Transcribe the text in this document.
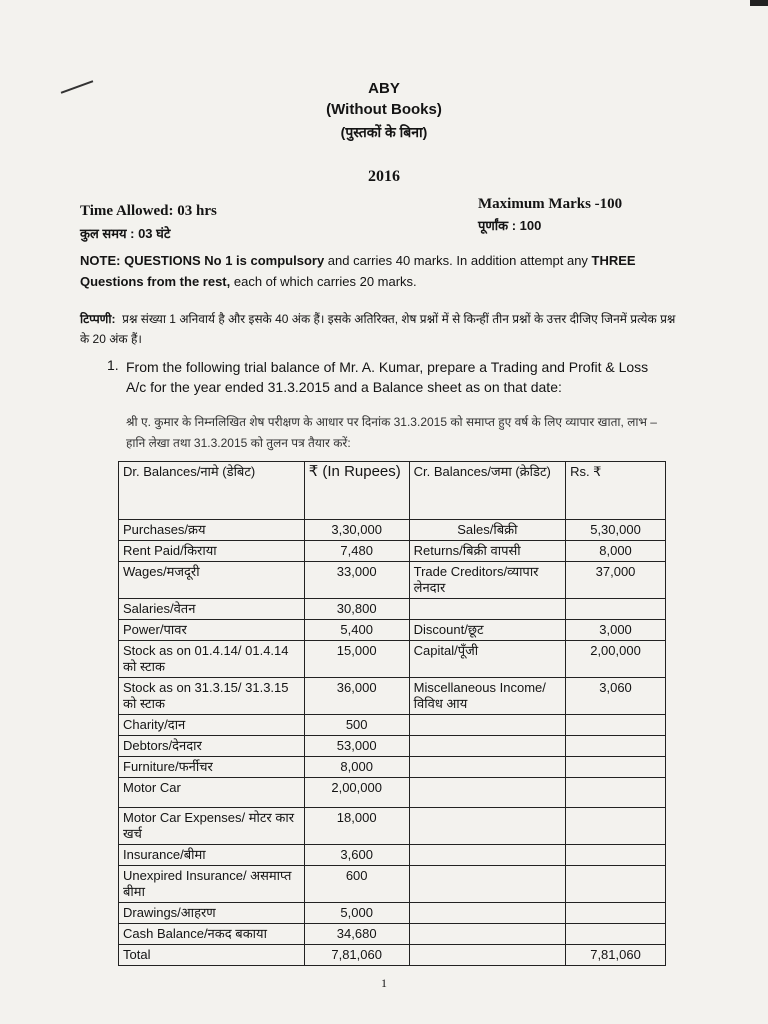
ABY
(Without Books)
(पुस्तकों के बिना)
2016
Time Allowed: 03 hrs
कुल समय : 03 घंटे
Maximum Marks -100
पूर्णांक : 100
NOTE: QUESTIONS No 1 is compulsory and carries 40 marks. In addition attempt any THREE Questions from the rest, each of which carries 20 marks.
टिप्पणी: प्रश्न संख्या 1 अनिवार्य है और इसके 40 अंक हैं। इसके अतिरिक्त, शेष प्रश्नों में से किन्हीं तीन प्रश्नों के उत्तर दीजिए जिनमें प्रत्येक प्रश्न के 20 अंक हैं।
1. From the following trial balance of Mr. A. Kumar, prepare a Trading and Profit & Loss A/c for the year ended 31.3.2015 and a Balance sheet as on that date:
श्री ए. कुमार के निम्नलिखित शेष परीक्षण के आधार पर दिनांक 31.3.2015 को समाप्त हुए वर्ष के लिए व्यापार खाता, लाभ –हानि लेखा तथा 31.3.2015 को तुलन पत्र तैयार करें:
Dr. Balances/नामे (डेबिट)	₹ (In Rupees)	Cr. Balances/जमा (क्रेडिट)	Rs. ₹
Purchases/क्रय	3,30,000	Sales/बिक्री	5,30,000
Rent Paid/किराया	7,480	Returns/बिक्री वापसी	8,000
Wages/मजदूरी	33,000	Trade Creditors/व्यापार लेनदार	37,000
Salaries/वेतन	30,800		
Power/पावर	5,400	Discount/छूट	3,000
Stock as on 01.4.14/ 01.4.14 को स्टाक	15,000	Capital/पूँजी	2,00,000
Stock as on 31.3.15/ 31.3.15 को स्टाक	36,000	Miscellaneous Income/ विविध आय	3,060
Charity/दान	500		
Debtors/देनदार	53,000		
Furniture/फर्नीचर	8,000		
Motor Car	2,00,000		
Motor Car Expenses/ मोटर कार खर्च	18,000		
Insurance/बीमा	3,600		
Unexpired Insurance/ असमाप्त बीमा	600		
Drawings/आहरण	5,000		
Cash Balance/नकद बकाया	34,680		
Total	7,81,060		7,81,060
1
